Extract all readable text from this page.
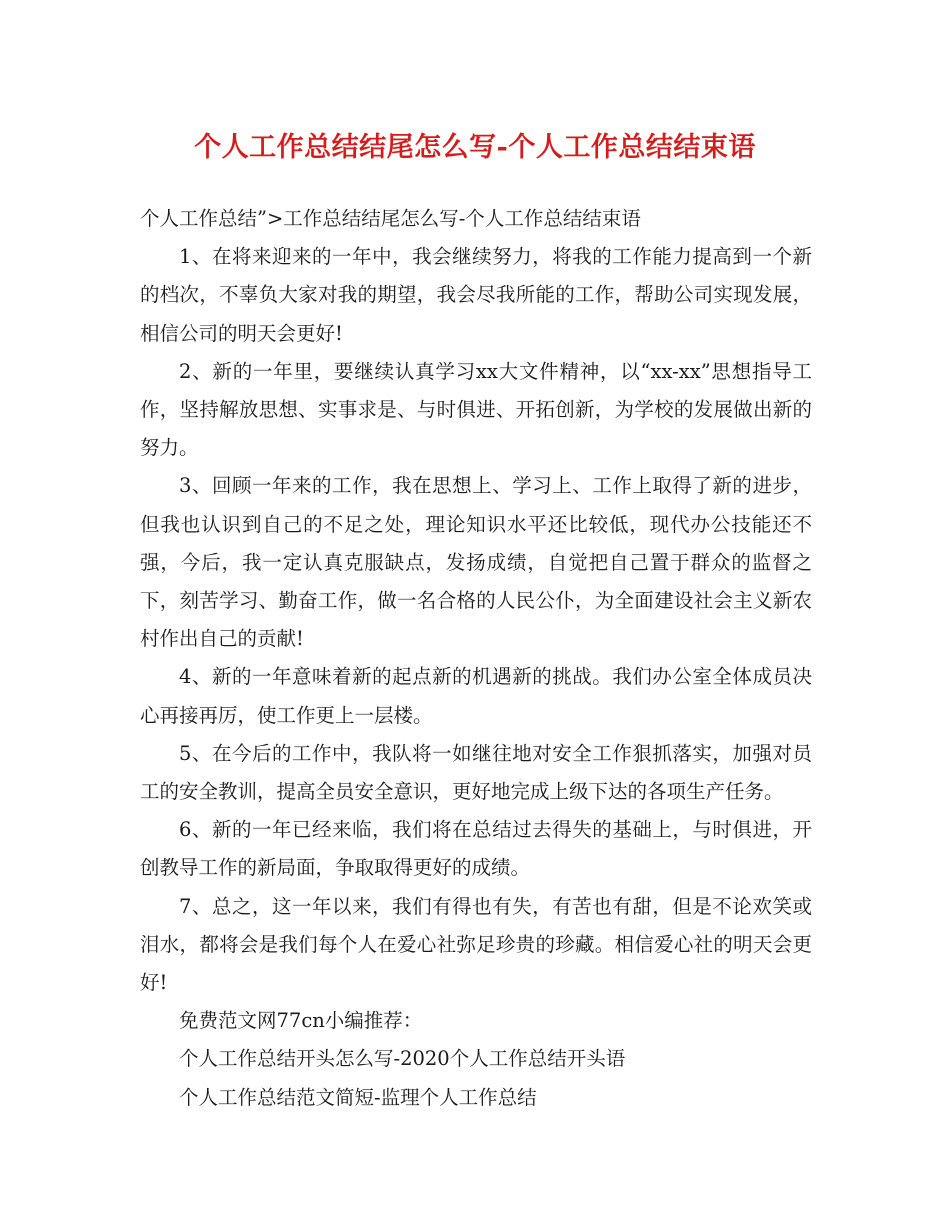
个人工作总结结尾怎么写-个人工作总结结束语

个人工作总结”>工作总结结尾怎么写-个人工作总结结束语

1、在将来迎来的一年中，我会继续努力，将我的工作能力提高到一个新的档次，不辜负大家对我的期望，我会尽我所能的工作，帮助公司实现发展，相信公司的明天会更好!

2、新的一年里，要继续认真学习xx大文件精神，以“xx-xx”思想指导工作，坚持解放思想、实事求是、与时俱进、开拓创新，为学校的发展做出新的努力。

3、回顾一年来的工作，我在思想上、学习上、工作上取得了新的进步，但我也认识到自己的不足之处，理论知识水平还比较低，现代办公技能还不强，今后，我一定认真克服缺点，发扬成绩，自觉把自己置于群众的监督之下，刻苦学习、勤奋工作，做一名合格的人民公仆，为全面建设社会主义新农村作出自己的贡献!

4、新的一年意味着新的起点新的机遇新的挑战。我们办公室全体成员决心再接再厉，使工作更上一层楼。

5、在今后的工作中，我队将一如继往地对安全工作狠抓落实，加强对员工的安全教训，提高全员安全意识，更好地完成上级下达的各项生产任务。

6、新的一年已经来临，我们将在总结过去得失的基础上，与时俱进，开创教导工作的新局面，争取取得更好的成绩。

7、总之，这一年以来，我们有得也有失，有苦也有甜，但是不论欢笑或泪水，都将会是我们每个人在爱心社弥足珍贵的珍藏。相信爱心社的明天会更好!

免费范文网77cn小编推荐：

个人工作总结开头怎么写-2020个人工作总结开头语

个人工作总结范文简短-监理个人工作总结
